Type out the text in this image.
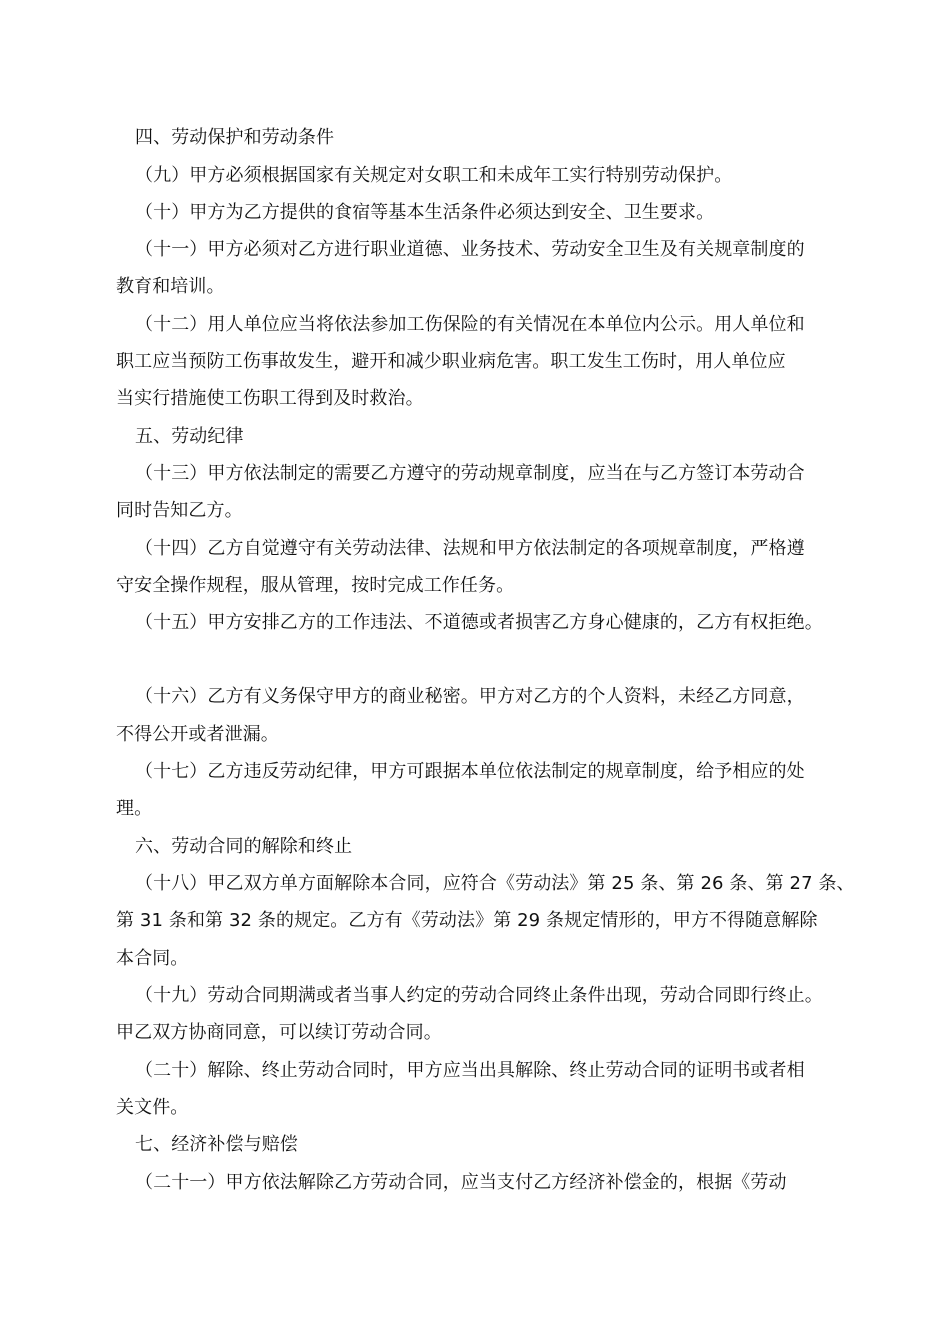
四、劳动保护和劳动条件
（九）甲方必须根据国家有关规定对女职工和未成年工实行特别劳动保护。
（十）甲方为乙方提供的食宿等基本生活条件必须达到安全、卫生要求。
（十一）甲方必须对乙方进行职业道德、业务技术、劳动安全卫生及有关规章制度的
教育和培训。
（十二）用人单位应当将依法参加工伤保险的有关情况在本单位内公示。用人单位和
职工应当预防工伤事故发生，避开和减少职业病危害。职工发生工伤时，用人单位应
当实行措施使工伤职工得到及时救治。
五、劳动纪律
（十三）甲方依法制定的需要乙方遵守的劳动规章制度，应当在与乙方签订本劳动合
同时告知乙方。
（十四）乙方自觉遵守有关劳动法律、法规和甲方依法制定的各项规章制度，严格遵
守安全操作规程，服从管理，按时完成工作任务。
（十五）甲方安排乙方的工作违法、不道德或者损害乙方身心健康的，乙方有权拒绝。
（十六）乙方有义务保守甲方的商业秘密。甲方对乙方的个人资料，未经乙方同意，
不得公开或者泄漏。
（十七）乙方违反劳动纪律，甲方可跟据本单位依法制定的规章制度，给予相应的处
理。
六、劳动合同的解除和终止
（十八）甲乙双方单方面解除本合同，应符合《劳动法》第 25 条、第 26 条、第 27 条、
第 31 条和第 32 条的规定。乙方有《劳动法》第 29 条规定情形的，甲方不得随意解除
本合同。
（十九）劳动合同期满或者当事人约定的劳动合同终止条件出现，劳动合同即行终止。
甲乙双方协商同意，可以续订劳动合同。
（二十）解除、终止劳动合同时，甲方应当出具解除、终止劳动合同的证明书或者相
关文件。
七、经济补偿与赔偿
（二十一）甲方依法解除乙方劳动合同，应当支付乙方经济补偿金的，根据《劳动
